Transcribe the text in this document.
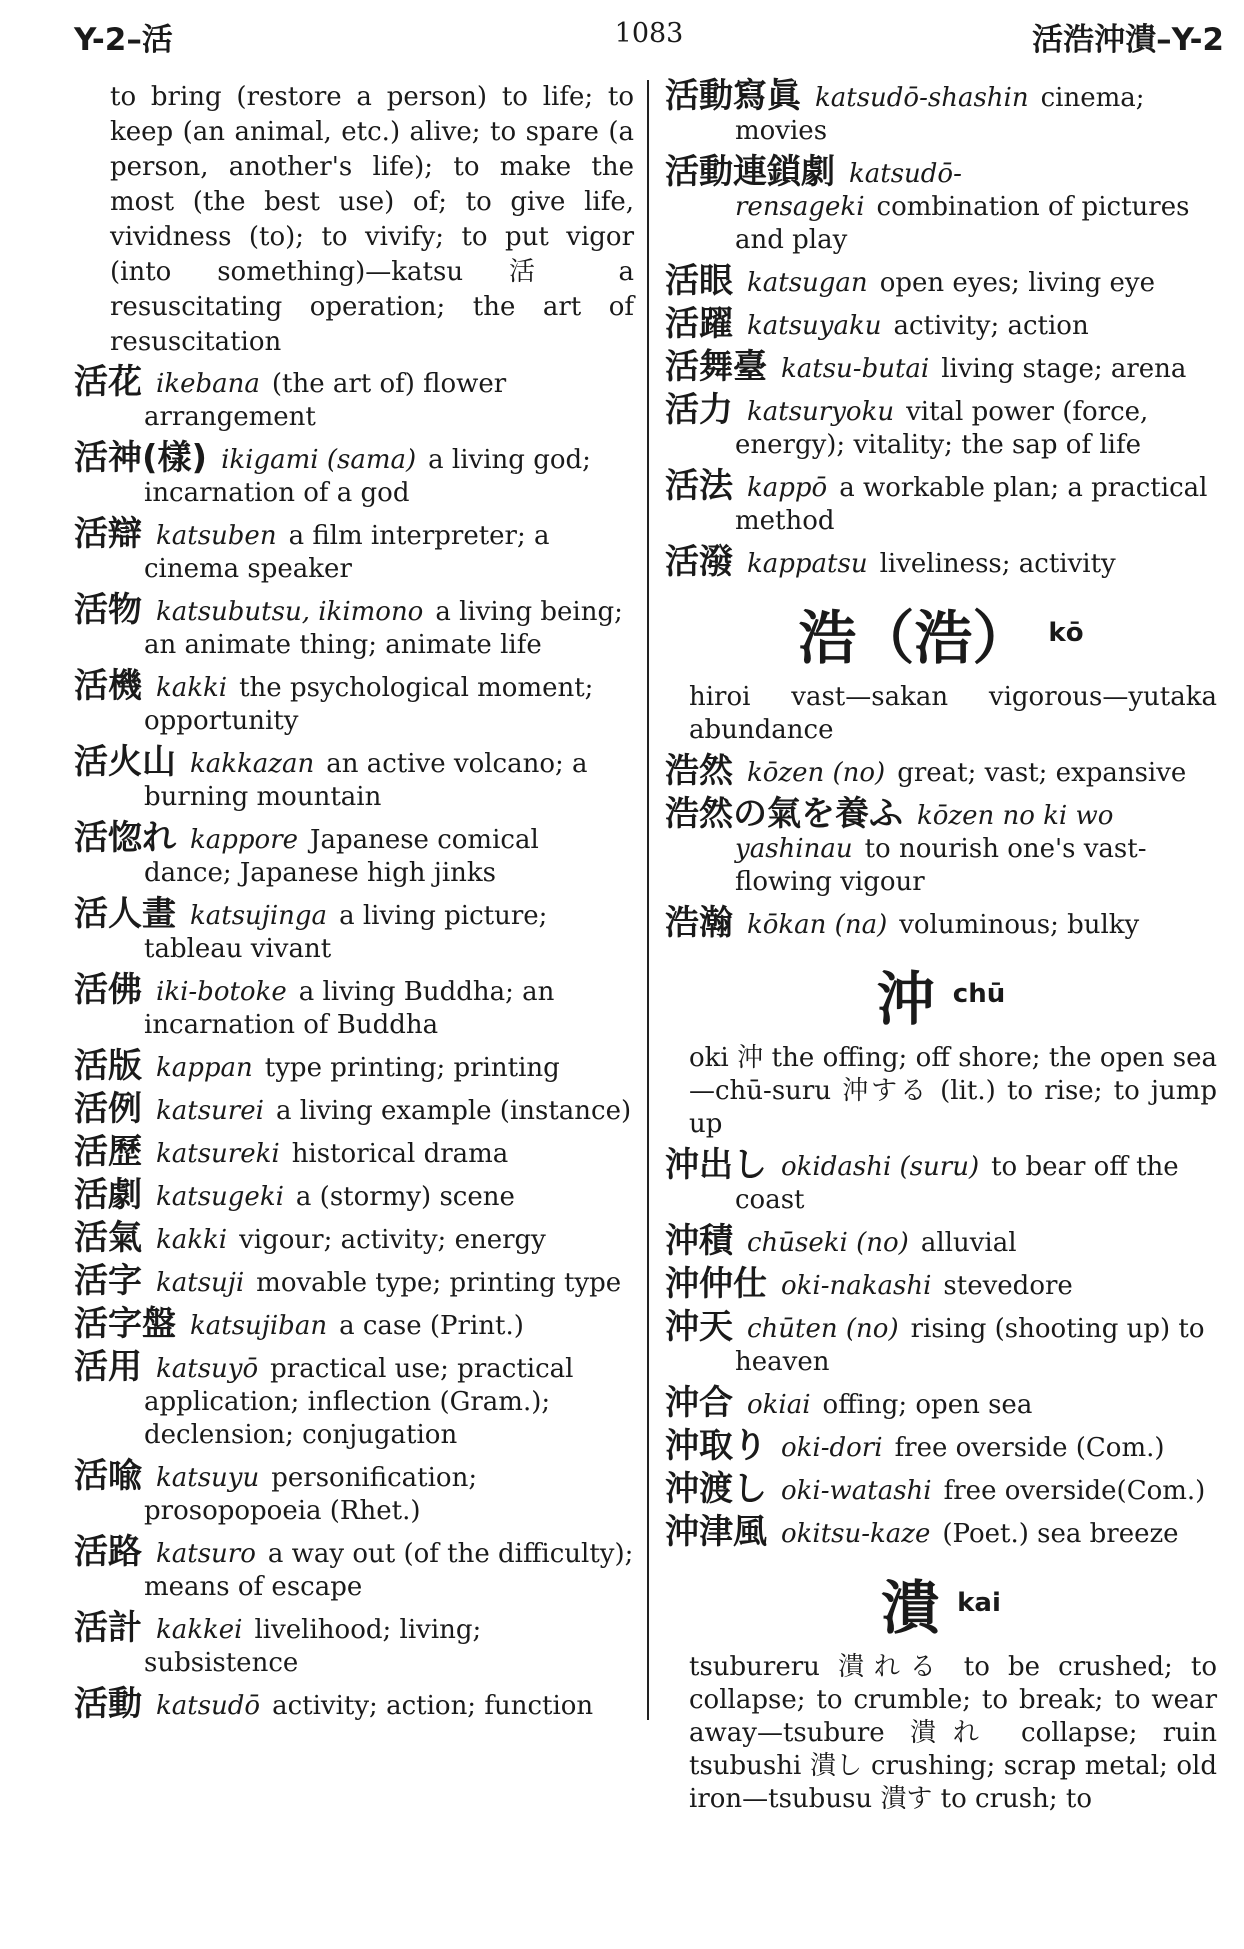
Y-2–活	1083	活浩沖潰–Y-2
to bring (restore a person) to life; to keep (an animal, etc.) alive; to spare (a person, another's life); to make the most (the best use) of; to give life, vividness (to); to vivify; to put vigor (into something)—katsu 活 a resuscitating operation; the art of resuscitation
活花 ikebana (the art of) flower arrangement
活神(樣) ikigami (sama) a living god; incarnation of a god
活辯 katsuben a film interpreter; a cinema speaker
活物 katsubutsu, ikimono a living being; an animate thing; animate life
活機 kakki the psychological moment; opportunity
活火山 kakkazan an active volcano; a burning mountain
活惚れ kappore Japanese comical dance; Japanese high jinks
活人畫 katsujinga a living picture; tableau vivant
活佛 iki-botoke a living Buddha; an incarnation of Buddha
活版 kappan type printing; printing
活例 katsurei a living example (instance)
活歷 katsureki historical drama
活劇 katsugeki a (stormy) scene
活氣 kakki vigour; activity; energy
活字 katsuji movable type; printing type
活字盤 katsujiban a case (Print.)
活用 katsuyō practical use; practical application; inflection (Gram.); declension; conjugation
活喩 katsuyu personification; prosopopoeia (Rhet.)
活路 katsuro a way out (of the difficulty); means of escape
活計 kakkei livelihood; living; subsistence
活動 katsudō activity; action; function
活動寫眞 katsudō-shashin cinema; movies
活動連鎖劇 katsudō-rensageki combination of pictures and play
活眼 katsugan open eyes; living eye
活躍 katsuyaku activity; action
活舞臺 katsu-butai living stage; arena
活力 katsuryoku vital power (force, energy); vitality; the sap of life
活法 kappō a workable plan; a practical method
活潑 kappatsu liveliness; activity
浩（浩） kō
hiroi vast—sakan vigorous—yutaka abundance
浩然 kōzen (no) great; vast; expansive
浩然の氣を養ふ kōzen no ki wo yashinau to nourish one's vast-flowing vigour
浩瀚 kōkan (na) voluminous; bulky
沖chū
oki 沖 the offing; off shore; the open sea—chū-suru 沖する (lit.) to rise; to jump up
沖出し okidashi (suru) to bear off the coast
沖積 chūseki (no) alluvial
沖仲仕 oki-nakashi stevedore
沖天 chūten (no) rising (shooting up) to heaven
沖合 okiai offing; open sea
沖取り oki-dori free overside (Com.)
沖渡し oki-watashi free overside(Com.)
沖津風 okitsu-kaze (Poet.) sea breeze
潰kai
tsubureru 潰れる to be crushed; to collapse; to crumble; to break; to wear away—tsubure 潰れ collapse; ruin tsubushi 潰し crushing; scrap metal; old iron—tsubusu 潰す to crush; to
